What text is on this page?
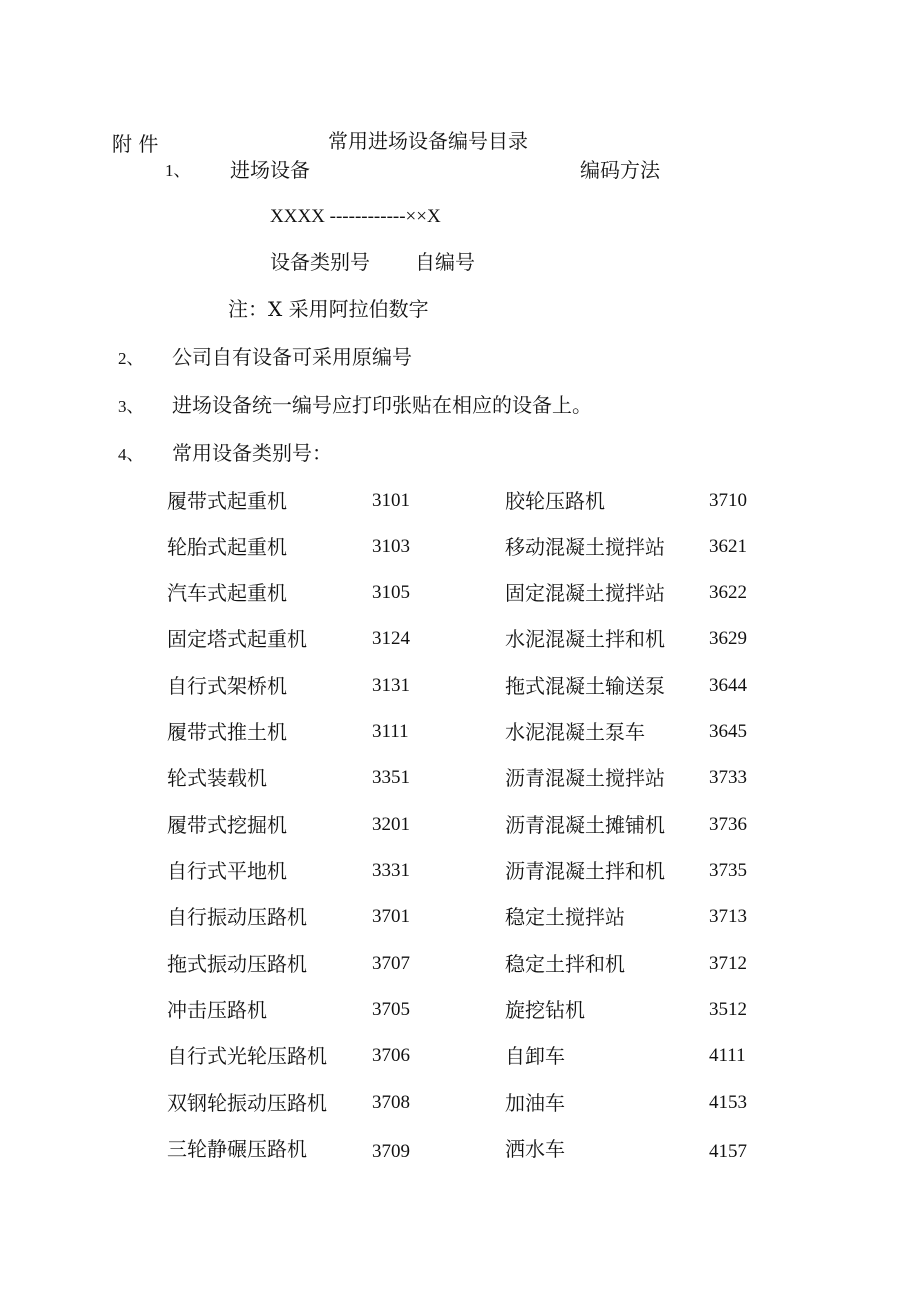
附 件	常用进场设备编号目录
1、 进场设备	编码方法
XXXX ------------××X
设备类别号 自编号
注：X 采用阿拉伯数字
2、 公司自有设备可采用原编号
3、 进场设备统一编号应打印张贴在相应的设备上。
4、 常用设备类别号：
履带式起重机	3101	胶轮压路机	3710
轮胎式起重机	3103	移动混凝土搅拌站 3621
汽车式起重机	3105	固定混凝土搅拌站 3622
固定塔式起重机	3124	水泥混凝土拌和机 3629
自行式架桥机	3131	拖式混凝土输送泵 3644
履带式推土机	3111	水泥混凝土泵车	3645
轮式装载机	3351	沥青混凝土搅拌站 3733
履带式挖掘机	3201	沥青混凝土摊铺机 3736
自行式平地机	3331	沥青混凝土拌和机 3735
自行振动压路机	3701	稳定土搅拌站	3713
拖式振动压路机	3707	稳定土拌和机	3712
冲击压路机	3705	旋挖钻机	3512
自行式光轮压路机 3706	自卸车	4111
双钢轮振动压路机 3708	加油车	4153
三轮静碾压路机	3709	洒水车	4157
